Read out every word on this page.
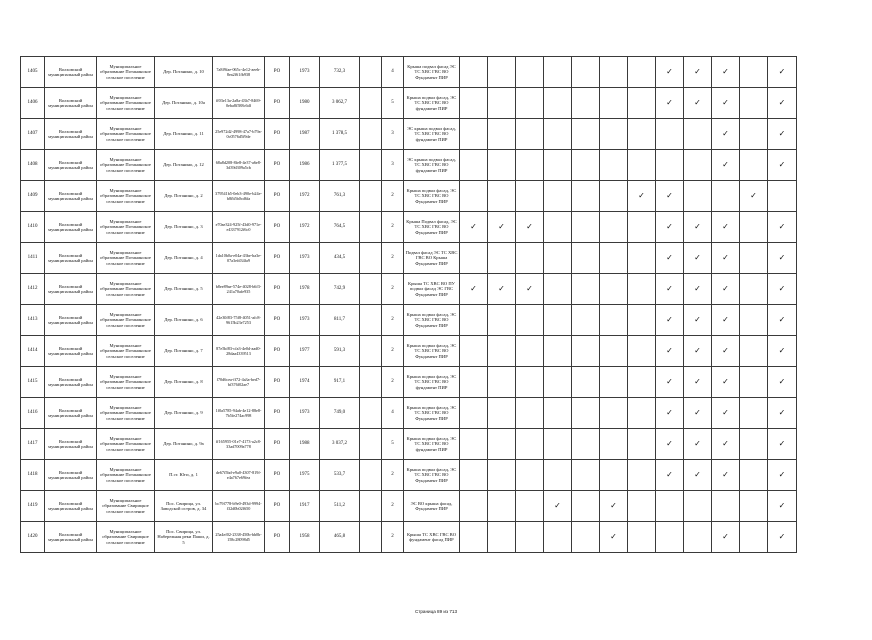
1405	Волховский муниципальный район	Муниципальное образование Потанинское сельское поселение	Дер. Потанино, д. 10	7a8f9fae-065c-4e12-aeeb-8ea2f61fb938	РО	1973	732,3		4	Крыша подвал фасад ЭС ТС ХВС ГВС ВО Фундамент ПИР								✓	✓	✓		✓
1406	Волховский муниципальный район	Муниципальное образование Потанинское сельское поселение	Дер. Потанино, д. 10а	ff03e13a-2a8a-43b7-8469-0eba8f588c6df	РО	1980	3 062,7		5	Крыша подвал фасад, ЭС ТС ХВС ГВС ВО фундамент ПИР								✓	✓	✓		✓
1407	Волховский муниципальный район	Муниципальное образование Потанинское сельское поселение	Дер. Потанино, д. 11	25e972d2-4998-47a7-b79a-0c0576d5f9de	РО	1987	1 378,5		3	ЭС крыша подвал фасад, ТС ХВС ГВС ВО фундамент ПИР										✓		✓
1408	Волховский муниципальный район	Муниципальное образование Потанинское сельское поселение	Дер. Потанино, д. 12	68a8d208-8fe8-4e37-a6e8-3d39d309a5cb	РО	1986	1 377,5		3	ЭС крыша подвал фасад, ТС ХВС ГВС ВО фундамент ПИР										✓		✓
1409	Волховский муниципальный район	Муниципальное образование Потанинское сельское поселение	Дер. Потанино, д. 2	379541b5-0eb3-490e-b24e-b8fb5b0cd6fa	РО	1972	761,3		2	Крыша подвал фасад, ЭС ТС ХВС ГВС ВО Фундамент ПИР							✓	✓			✓	
1410	Волховский муниципальный район	Муниципальное образование Потанинское сельское поселение	Дер. Потанино, д. 3	e70ae324-925f-43d0-971e-e4337912f6c0	РО	1972	764,5		2	Крыша Подвал фасад, ЭС ТС ХВС ГВС ВО Фундамент ПИР	✓	✓	✓					✓	✓	✓		✓
1411	Волховский муниципальный район	Муниципальное образование Потанинское сельское поселение	Дер. Потанино, д. 4	1da10b0a-e04a-43be-ba3e-07a3efd34fa9	РО	1973	434,5		2	Подвал фасад ЭС ТС ХВС ГВС ВО Крыша Фундамент ПИР								✓	✓	✓		✓
1412	Волховский муниципальный район	Муниципальное образование Потанинское сельское поселение	Дер. Потанино, д. 5	b8ee89ae-574e-4028-b6f3-241a70afe935	РО	1978	742,9		2	Крыша ТС ХВС ВО ПУ подвал фасад ЭС ГВС Фундамент ПИР	✓	✓	✓					✓	✓	✓		✓
1413	Волховский муниципальный район	Муниципальное образование Потанинское сельское поселение	Дер. Потанино, д. 6	42e30f83-75f8-4051-afc8-9615b23e7253	РО	1973	811,7		2	Крыша подвал фасад, ЭС ТС ХВС ГВС ВО Фундамент ПИР								✓	✓	✓		✓
1414	Волховский муниципальный район	Муниципальное образование Потанинское сельское поселение	Дер. Потанино, д. 7	87e5bf83-cfa3-4e0d-aad0-28daa4339513	РО	1977	591,3		2	Крыша подвал фасад, ЭС ТС ХВС ГВС ВО Фундамент ПИР								✓	✓	✓		✓
1415	Волховский муниципальный район	Муниципальное образование Потанинское сельское поселение	Дер. Потанино, д. 8	f70d6cea-ff72-4a3a-bed7-bf376f02ae7	РО	1974	917,1		2	Крыша подвал фасад, ЭС ТС ХВС ГВС ВО фундамент ПИР								✓	✓	✓		✓
1416	Волховский муниципальный район	Муниципальное образование Потанинское сельское поселение	Дер. Потанино, д. 9	1f0a5785-94ab-4e12-88e8-7b5fe274ac998	РО	1973	749,0		4	Крыша подвал фасад, ЭС ТС ХВС ГВС ВО Фундамент ПИР								✓	✓	✓		✓
1417	Волховский муниципальный район	Муниципальное образование Потанинское сельское поселение	Дер. Потанино, д. 9а	ff165955-01e7-4173-a2c8-33ad7009a778	РО	1988	3 037,2		5	Крыша подвал фасад, ЭС ТС ХВС ГВС ВО фундамент ПИР								✓	✓	✓		✓
1418	Волховский муниципальный район	Муниципальное образование Потанинское сельское поселение	П.ст. Юги, д. 1	de67f5bd-e9a0-4307-819f-e4a767e69fea	РО	1975	533,7		2	Крыша подвал фасад, ЭС ТС ХВС ГВС ВО Фундамент ПИР								✓	✓	✓		✓
1419	Волховский муниципальный район	Муниципальное образование Свирицкое сельское поселение	Пос. Свирица, ул. Заводской остров, д. 34	bc79f778-b9e0-493d-9994-f32d0b02f650	РО	1917	511,2		2	ЭС ВО крыша фасад, Фундамент ПИР				✓		✓						✓
1420	Волховский муниципальный район	Муниципальное образование Свирицкое сельское поселение	Пос. Свирица, ул. Набережная реки Паши, д. 5	25a4ef02-2338-450b-bb0b-158c28098d5	РО	1958	465,8		2	Крыша ТС ХВС ГВС ВО фундамент фасад ПИР						✓				✓		✓
Страница 89 из 713
